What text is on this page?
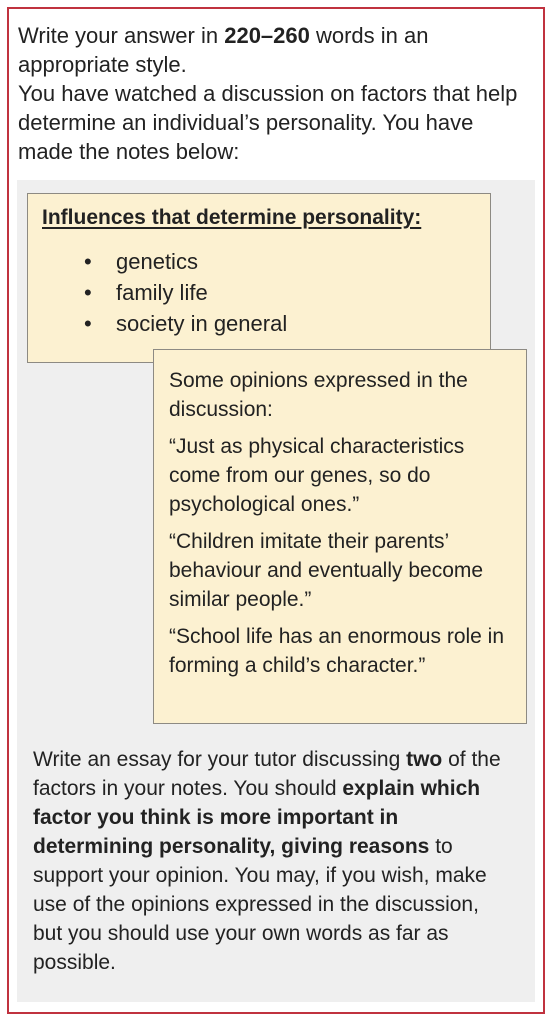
Write your answer in 220–260 words in an appropriate style.

You have watched a discussion on factors that help determine an individual’s personality. You have made the notes below:

Influences that determine personality:
• genetics
• family life
• society in general

Some opinions expressed in the discussion:

“Just as physical characteristics come from our genes, so do psychological ones.”

“Children imitate their parents’ behaviour and eventually become similar people.”

“School life has an enormous role in forming a child’s character.”

Write an essay for your tutor discussing two of the factors in your notes. You should explain which factor you think is more important in determining personality, giving reasons to support your opinion. You may, if you wish, make use of the opinions expressed in the discussion, but you should use your own words as far as possible.
